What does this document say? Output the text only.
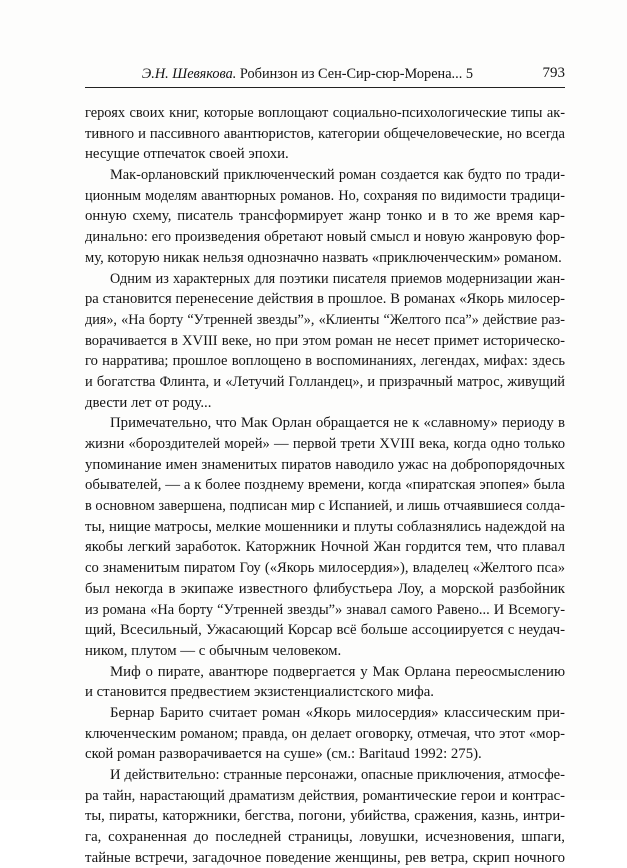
Э.Н. Шевякова. Робинзон из Сен-Сир-сюр-Морена... 5	793
героях своих книг, которые воплощают социально-психологические типы ак-
тивного и пассивного авантюристов, категории общечеловеческие, но всегда
несущие отпечаток своей эпохи.
Мак-орлановский приключенческий роман создается как будто по тради-
ционным моделям авантюрных романов. Но, сохраняя по видимости традици-
онную схему, писатель трансформирует жанр тонко и в то же время кар-
динально: его произведения обретают новый смысл и новую жанровую фор-
му, которую никак нельзя однозначно назвать «приключенческим» романом.
Одним из характерных для поэтики писателя приемов модернизации жан-
ра становится перенесение действия в прошлое. В романах «Якорь милосер-
дия», «На борту “Утренней звезды”», «Клиенты “Желтого пса”» действие раз-
ворачивается в XVIII веке, но при этом роман не несет примет историческо-
го нарратива; прошлое воплощено в воспоминаниях, легендах, мифах: здесь
и богатства Флинта, и «Летучий Голландец», и призрачный матрос, живущий
двести лет от роду...
Примечательно, что Мак Орлан обращается не к «славному» периоду в
жизни «бороздителей морей» — первой трети XVIII века, когда одно только
упоминание имен знаменитых пиратов наводило ужас на добропорядочных
обывателей, — а к более позднему времени, когда «пиратская эпопея» была
в основном завершена, подписан мир с Испанией, и лишь отчаявшиеся солда-
ты, нищие матросы, мелкие мошенники и плуты соблазнялись надеждой на
якобы легкий заработок. Каторжник Ночной Жан гордится тем, что плавал
со знаменитым пиратом Гоу («Якорь милосердия»), владелец «Желтого пса»
был некогда в экипаже известного флибустьера Лоу, а морской разбойник
из романа «На борту “Утренней звезды”» знавал самого Равено... И Всемогу-
щий, Всесильный, Ужасающий Корсар всё больше ассоциируется с неудач-
ником, плутом — с обычным человеком.
Миф о пирате, авантюре подвергается у Мак Орлана переосмыслению
и становится предвестием экзистенциалистского мифа.
Бернар Барито считает роман «Якорь милосердия» классическим при-
ключенческим романом; правда, он делает оговорку, отмечая, что этот «мор-
ской роман разворачивается на суше» (см.: Baritaud 1992: 275).
И действительно: странные персонажи, опасные приключения, атмосфе-
ра тайн, нарастающий драматизм действия, романтические герои и контрас-
ты, пираты, каторжники, бегства, погони, убийства, сражения, казнь, интри-
га, сохраненная до последней страницы, ловушки, исчезновения, шпаги,
тайные встречи, загадочное поведение женщины, рев ветра, скрип ночного
